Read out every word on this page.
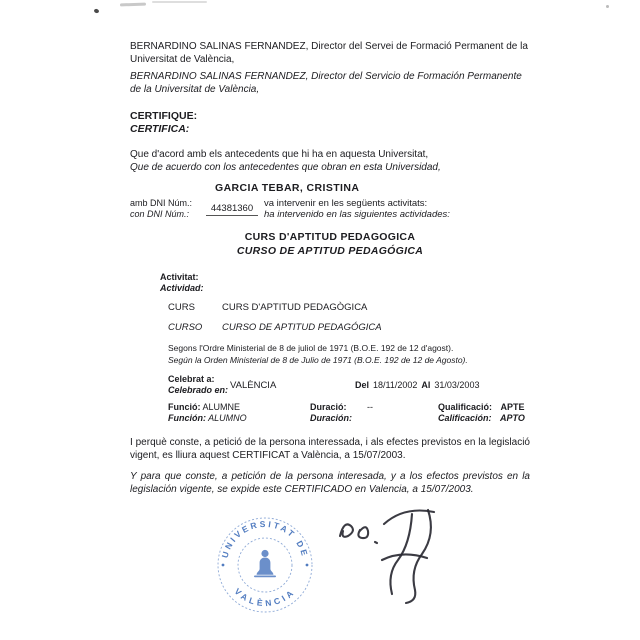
BERNARDINO SALINAS FERNANDEZ, Director del Servei de Formació Permanent de la Universitat de València,

BERNARDINO SALINAS FERNANDEZ, Director del Servicio de Formación Permanente de la Universitat de València,

CERTIFIQUE:

CERTIFICA:

Que d'acord amb els antecedents que hi ha en aquesta Universitat,

Que de acuerdo con los antecedentes que obran en esta Universidad,

GARCIA TEBAR, CRISTINA

amb DNI Núm.:
con DNI Núm.:
44381360	va intervenir en les següents activitats:
ha intervenido en las siguientes actividades:

CURS D'APTITUD PEDAGOGICA

CURSO DE APTITUD PEDAGÓGICA

Activitat:
Actividad:
CURS	CURS D'APTITUD PEDAGÒGICA
CURSO	CURSO DE APTITUD PEDAGÓGICA

Segons l'Ordre Ministerial de 8 de juliol de 1971 (B.O.E. 192 de 12 d'agost).

Según la Orden Ministerial de 8 de Julio de 1971 (B.O.E. 192 de 12 de Agosto).

Celebrat a:
Celebrado en: VALÈNCIA	Del 18/11/2002 Al 31/03/2003
Funció: ALUMNE
Función: ALUMNO
Duració: --
Duración:
Qualificació: APTE
Calificación: APTO

I perquè conste, a petició de la persona interessada, i als efectes previstos en la legislació vigent, es lliura aquest CERTIFICAT a València, a 15/07/2003.

Y para que conste, a petición de la persona interesada, y a los efectos previstos en la legislación vigente, se expide este CERTIFICADO en Valencia, a 15/07/2003.

UNIVERSITAT DE
VALÈNCIA
